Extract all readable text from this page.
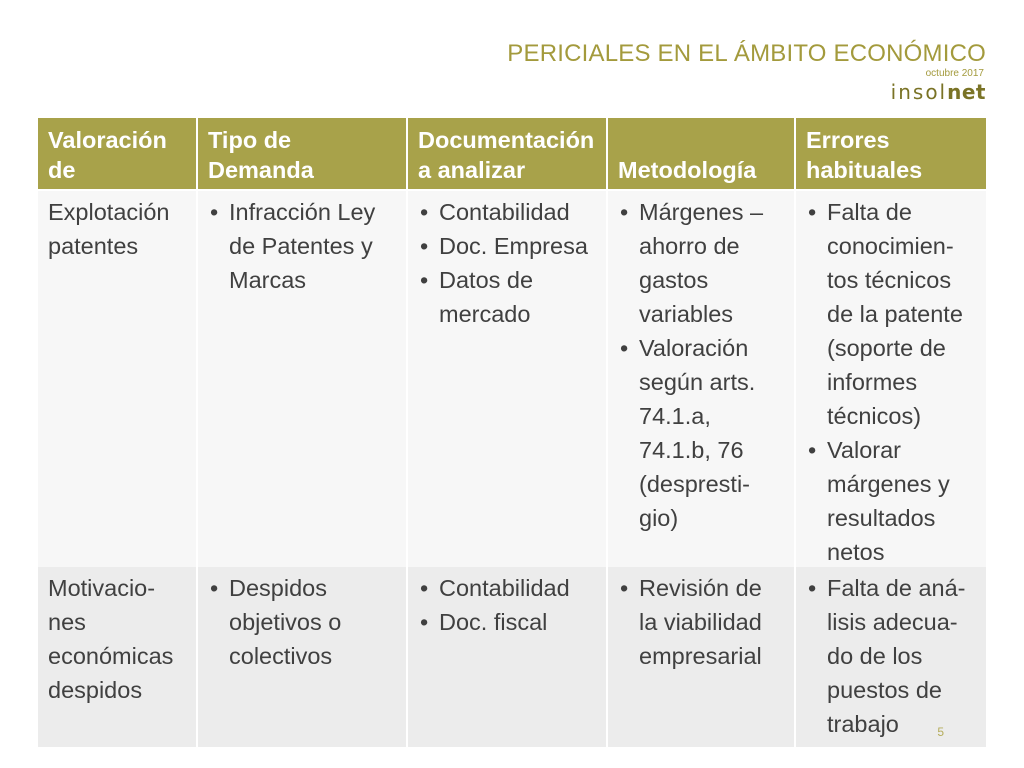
PERICIALES EN EL ÁMBITO ECONÓMICO
octubre 2017
insolnet
Valoración de
Tipo de Demanda
Documentación a analizar	Metodología
Errores habituales
Explotación patentes
• Infracción Ley de Patentes y Marcas
• Contabilidad
• Doc. Empresa
• Datos de mercado
• Márgenes – ahorro de gastos variables
• Valoración según arts. 74.1.a, 74.1.b, 76 (despresti-gio)
• Falta de conocimien-tos técnicos de la patente (soporte de informes técnicos)
• Valorar márgenes y resultados netos
Motivacio-nes económicas despidos
• Despidos objetivos o colectivos
• Contabilidad
• Doc. fiscal
• Revisión de la viabilidad empresarial
• Falta de aná-lisis adecua-do de los puestos de trabajo	5
